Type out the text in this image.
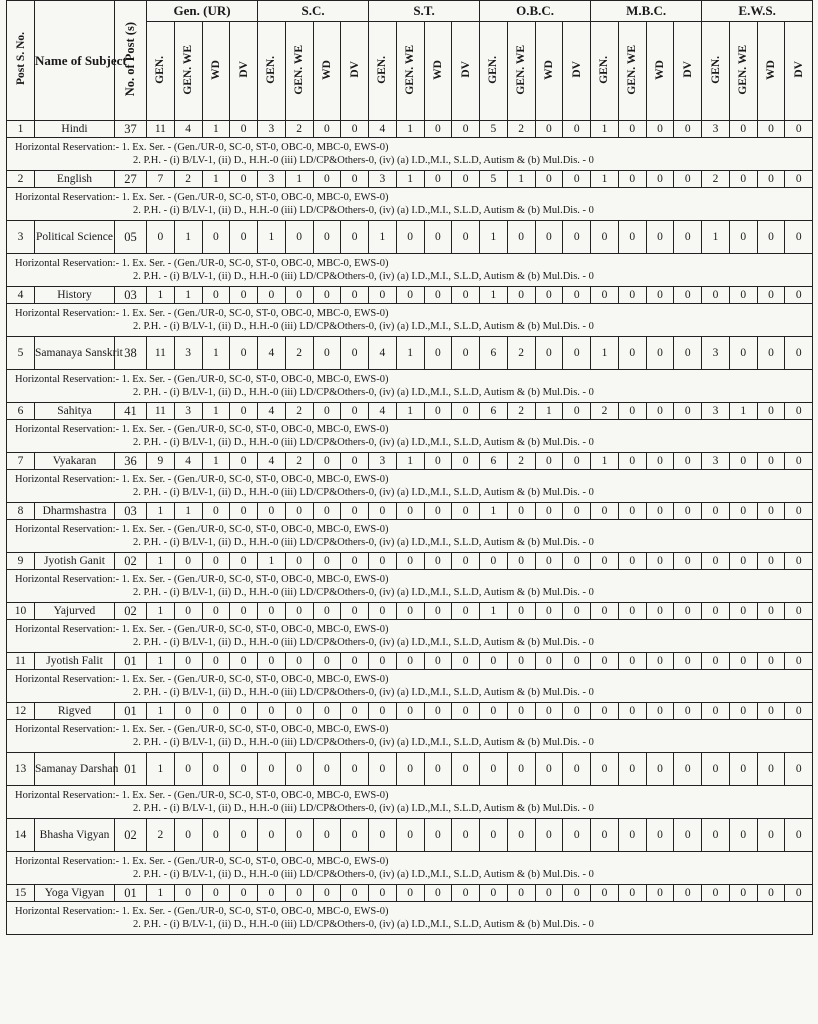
Post S. No.	Name of Subject	No. of Post (s)	Gen. (UR)				S.C.				S.T.				O.B.C.				M.B.C.				E.W.S.			
			GEN.	GEN. WE	WD	DV	GEN.	GEN. WE	WD	DV	GEN.	GEN. WE	WD	DV	GEN.	GEN. WE	WD	DV	GEN.	GEN. WE	WD	DV	GEN.	GEN. WE	WD	DV
1	Hindi	37	11	4	1	0	3	2	0	0	4	1	0	0	5	2	0	0	1	0	0	0	3	0	0	0

Horizontal Reservation:- 1. Ex. Ser. - (Gen./UR-0, SC-0, ST-0, OBC-0, MBC-0, EWS-0)
2. P.H. - (i) B/LV-1, (ii) D., H.H.-0 (iii) LD/CP&Others-0, (iv) (a) I.D.,M.I., S.L.D, Autism & (b) Mul.Dis. - 0																										

2	English	27	7	2	1	0	3	1	0	0	3	1	0	0	5	1	0	0	1	0	0	0	2	0	0	0

Horizontal Reservation:- 1. Ex. Ser. - (Gen./UR-0, SC-0, ST-0, OBC-0, MBC-0, EWS-0)
2. P.H. - (i) B/LV-1, (ii) D., H.H.-0 (iii) LD/CP&Others-0, (iv) (a) I.D.,M.I., S.L.D, Autism & (b) Mul.Dis. - 0																										

3	Political Science	05	0	1	0	0	1	0	0	0	1	0	0	0	1	0	0	0	0	0	0	0	1	0	0	0

Horizontal Reservation:- 1. Ex. Ser. - (Gen./UR-0, SC-0, ST-0, OBC-0, MBC-0, EWS-0)
2. P.H. - (i) B/LV-1, (ii) D., H.H.-0 (iii) LD/CP&Others-0, (iv) (a) I.D.,M.I., S.L.D, Autism & (b) Mul.Dis. - 0																										

4	History	03	1	1	0	0	0	0	0	0	0	0	0	0	1	0	0	0	0	0	0	0	0	0	0	0

Horizontal Reservation:- 1. Ex. Ser. - (Gen./UR-0, SC-0, ST-0, OBC-0, MBC-0, EWS-0)
2. P.H. - (i) B/LV-1, (ii) D., H.H.-0 (iii) LD/CP&Others-0, (iv) (a) I.D.,M.I., S.L.D, Autism & (b) Mul.Dis. - 0																										

5	Samanaya Sanskrit	38	11	3	1	0	4	2	0	0	4	1	0	0	6	2	0	0	1	0	0	0	3	0	0	0

Horizontal Reservation:- 1. Ex. Ser. - (Gen./UR-0, SC-0, ST-0, OBC-0, MBC-0, EWS-0)
2. P.H. - (i) B/LV-1, (ii) D., H.H.-0 (iii) LD/CP&Others-0, (iv) (a) I.D.,M.I., S.L.D, Autism & (b) Mul.Dis. - 0																										

6	Sahitya	41	11	3	1	0	4	2	0	0	4	1	0	0	6	2	1	0	2	0	0	0	3	1	0	0

Horizontal Reservation:- 1. Ex. Ser. - (Gen./UR-0, SC-0, ST-0, OBC-0, MBC-0, EWS-0)
2. P.H. - (i) B/LV-1, (ii) D., H.H.-0 (iii) LD/CP&Others-0, (iv) (a) I.D.,M.I., S.L.D, Autism & (b) Mul.Dis. - 0																										

7	Vyakaran	36	9	4	1	0	4	2	0	0	3	1	0	0	6	2	0	0	1	0	0	0	3	0	0	0

Horizontal Reservation:- 1. Ex. Ser. - (Gen./UR-0, SC-0, ST-0, OBC-0, MBC-0, EWS-0)
2. P.H. - (i) B/LV-1, (ii) D., H.H.-0 (iii) LD/CP&Others-0, (iv) (a) I.D.,M.I., S.L.D, Autism & (b) Mul.Dis. - 0																										

8	Dharmshastra	03	1	1	0	0	0	0	0	0	0	0	0	0	1	0	0	0	0	0	0	0	0	0	0	0

Horizontal Reservation:- 1. Ex. Ser. - (Gen./UR-0, SC-0, ST-0, OBC-0, MBC-0, EWS-0)
2. P.H. - (i) B/LV-1, (ii) D., H.H.-0 (iii) LD/CP&Others-0, (iv) (a) I.D.,M.I., S.L.D, Autism & (b) Mul.Dis. - 0																										

9	Jyotish Ganit	02	1	0	0	0	1	0	0	0	0	0	0	0	0	0	0	0	0	0	0	0	0	0	0	0

Horizontal Reservation:- 1. Ex. Ser. - (Gen./UR-0, SC-0, ST-0, OBC-0, MBC-0, EWS-0)
2. P.H. - (i) B/LV-1, (ii) D., H.H.-0 (iii) LD/CP&Others-0, (iv) (a) I.D.,M.I., S.L.D, Autism & (b) Mul.Dis. - 0																										

10	Yajurved	02	1	0	0	0	0	0	0	0	0	0	0	0	1	0	0	0	0	0	0	0	0	0	0	0

Horizontal Reservation:- 1. Ex. Ser. - (Gen./UR-0, SC-0, ST-0, OBC-0, MBC-0, EWS-0)
2. P.H. - (i) B/LV-1, (ii) D., H.H.-0 (iii) LD/CP&Others-0, (iv) (a) I.D.,M.I., S.L.D, Autism & (b) Mul.Dis. - 0																										

11	Jyotish Falit	01	1	0	0	0	0	0	0	0	0	0	0	0	0	0	0	0	0	0	0	0	0	0	0	0

Horizontal Reservation:- 1. Ex. Ser. - (Gen./UR-0, SC-0, ST-0, OBC-0, MBC-0, EWS-0)
2. P.H. - (i) B/LV-1, (ii) D., H.H.-0 (iii) LD/CP&Others-0, (iv) (a) I.D.,M.I., S.L.D, Autism & (b) Mul.Dis. - 0																										

12	Rigved	01	1	0	0	0	0	0	0	0	0	0	0	0	0	0	0	0	0	0	0	0	0	0	0	0

Horizontal Reservation:- 1. Ex. Ser. - (Gen./UR-0, SC-0, ST-0, OBC-0, MBC-0, EWS-0)
2. P.H. - (i) B/LV-1, (ii) D., H.H.-0 (iii) LD/CP&Others-0, (iv) (a) I.D.,M.I., S.L.D, Autism & (b) Mul.Dis. - 0																										

13	Samanay Darshan	01	1	0	0	0	0	0	0	0	0	0	0	0	0	0	0	0	0	0	0	0	0	0	0	0

Horizontal Reservation:- 1. Ex. Ser. - (Gen./UR-0, SC-0, ST-0, OBC-0, MBC-0, EWS-0)
2. P.H. - (i) B/LV-1, (ii) D., H.H.-0 (iii) LD/CP&Others-0, (iv) (a) I.D.,M.I., S.L.D, Autism & (b) Mul.Dis. - 0																										

14	Bhasha Vigyan	02	2	0	0	0	0	0	0	0	0	0	0	0	0	0	0	0	0	0	0	0	0	0	0	0

Horizontal Reservation:- 1. Ex. Ser. - (Gen./UR-0, SC-0, ST-0, OBC-0, MBC-0, EWS-0)
2. P.H. - (i) B/LV-1, (ii) D., H.H.-0 (iii) LD/CP&Others-0, (iv) (a) I.D.,M.I., S.L.D, Autism & (b) Mul.Dis. - 0																										

15	Yoga Vigyan	01	1	0	0	0	0	0	0	0	0	0	0	0	0	0	0	0	0	0	0	0	0	0	0	0

Horizontal Reservation:- 1. Ex. Ser. - (Gen./UR-0, SC-0, ST-0, OBC-0, MBC-0, EWS-0)
2. P.H. - (i) B/LV-1, (ii) D., H.H.-0 (iii) LD/CP&Others-0, (iv) (a) I.D.,M.I., S.L.D, Autism & (b) Mul.Dis. - 0																										
